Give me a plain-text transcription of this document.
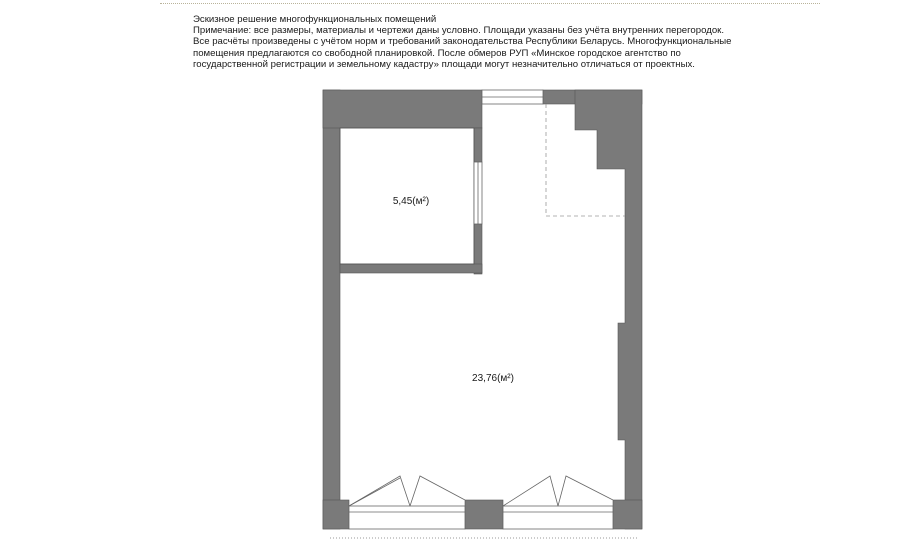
Эскизное решение многофункциональных помещений
Примечание: все размеры, материалы и чертежи даны условно. Площади указаны без учёта внутренних перегородок.
Все расчёты произведены с учётом норм и требований законодательства Республики Беларусь. Многофункциональные
помещения предлагаются со свободной планировкой. После обмеров РУП «Минское городское агентство по
государственной регистрации и земельному кадастру» площади могут незначительно отличаться от проектных.
5,45(м²)
23,76(м²)
